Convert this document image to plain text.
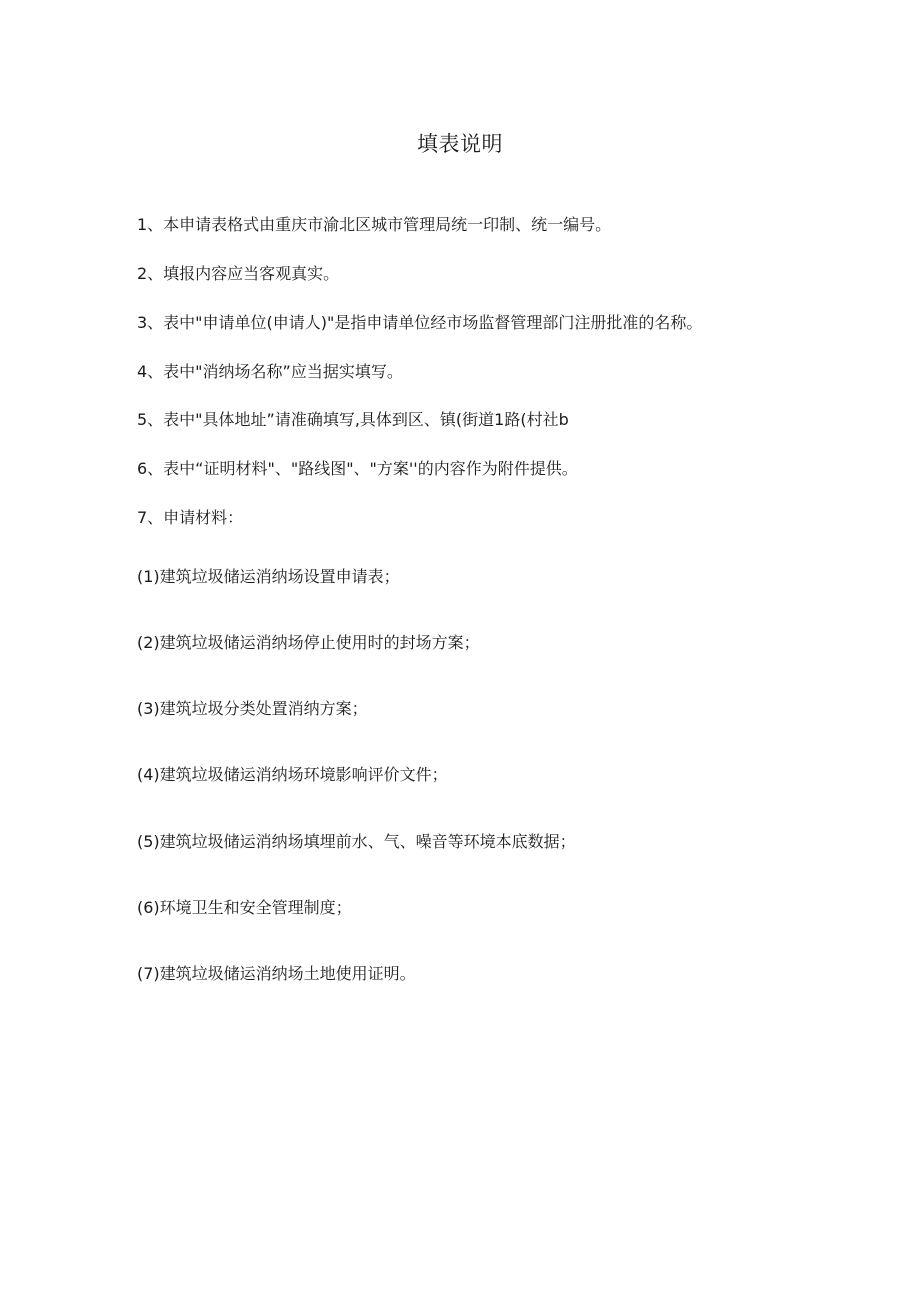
填表说明
1、本申请表格式由重庆市渝北区城市管理局统一印制、统一编号。
2、填报内容应当客观真实。
3、表中"申请单位(申请人)"是指申请单位经市场监督管理部门注册批准的名称。
4、表中"消纳场名称”应当据实填写。
5、表中"具体地址”请准确填写,具体到区、镇(街道1路(村社b
6、表中“证明材料"、"路线图"、"方案''的内容作为附件提供。
7、申请材料：
(1)建筑垃圾储运消纳场设置申请表；
(2)建筑垃圾储运消纳场停止使用时的封场方案；
(3)建筑垃圾分类处置消纳方案；
(4)建筑垃圾储运消纳场环境影响评价文件；
(5)建筑垃圾储运消纳场填埋前水、气、噪音等环境本底数据；
(6)环境卫生和安全管理制度；
(7)建筑垃圾储运消纳场土地使用证明。
